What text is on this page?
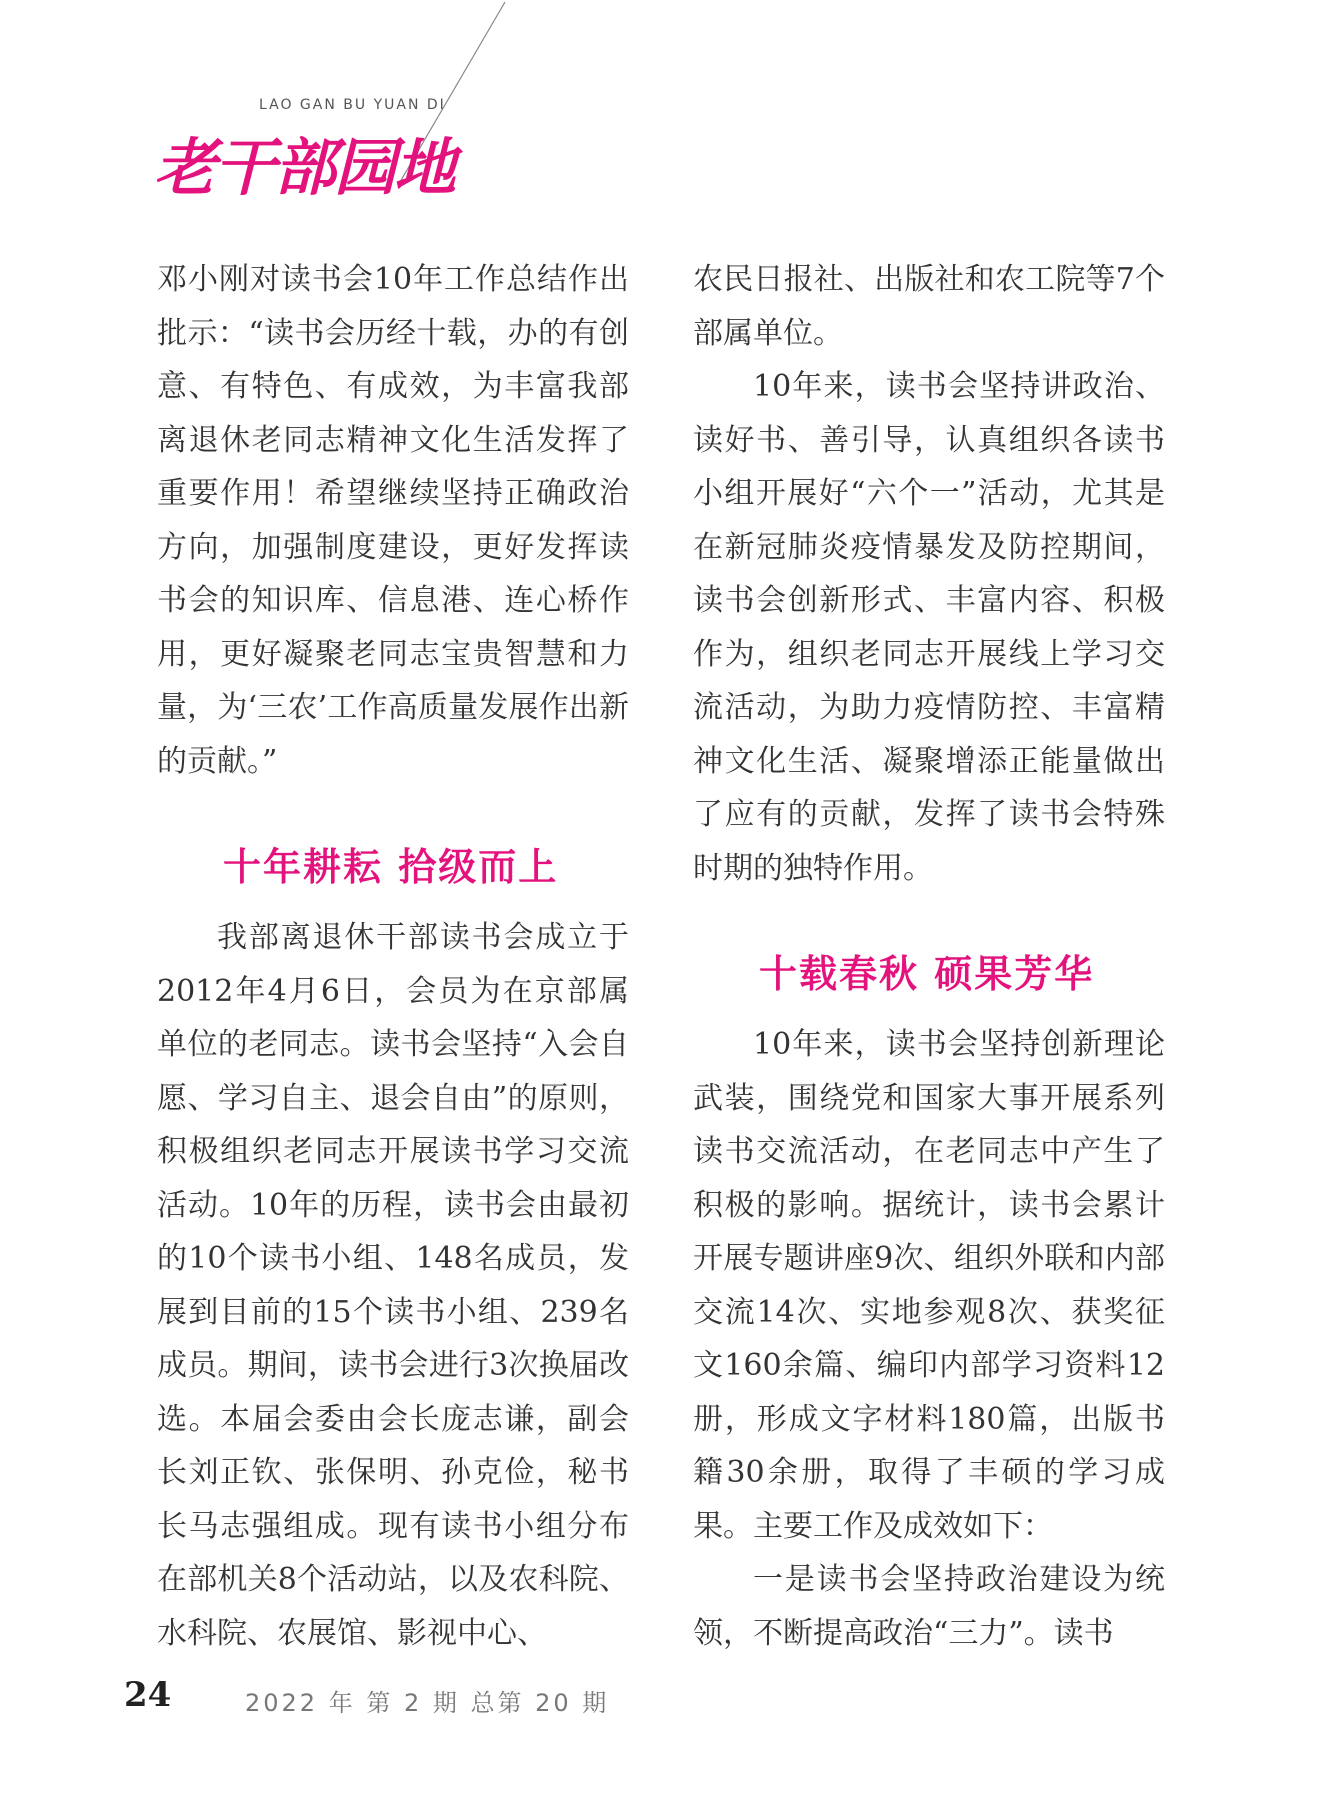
LAO GAN BU YUAN DI
老干部园地

邓小刚对读书会10年工作总结作出批示：“读书会历经十载，办的有创意、有特色、有成效，为丰富我部离退休老同志精神文化生活发挥了重要作用！希望继续坚持正确政治方向，加强制度建设，更好发挥读书会的知识库、信息港、连心桥作用，更好凝聚老同志宝贵智慧和力量，为‘三农’工作高质量发展作出新的贡献。”

十年耕耘 拾级而上

我部离退休干部读书会成立于2012年4月6日，会员为在京部属单位的老同志。读书会坚持“入会自愿、学习自主、退会自由”的原则，积极组织老同志开展读书学习交流活动。10年的历程，读书会由最初的10个读书小组、148名成员，发展到目前的15个读书小组、239名成员。期间，读书会进行3次换届改选。本届会委由会长庞志谦，副会长刘正钦、张保明、孙克俭，秘书长马志强组成。现有读书小组分布在部机关8个活动站，以及农科院、水科院、农展馆、影视中心、

农民日报社、出版社和农工院等7个部属单位。

10年来，读书会坚持讲政治、读好书、善引导，认真组织各读书小组开展好“六个一”活动，尤其是在新冠肺炎疫情暴发及防控期间，读书会创新形式、丰富内容、积极作为，组织老同志开展线上学习交流活动，为助力疫情防控、丰富精神文化生活、凝聚增添正能量做出了应有的贡献，发挥了读书会特殊时期的独特作用。

十载春秋 硕果芳华

10年来，读书会坚持创新理论武装，围绕党和国家大事开展系列读书交流活动，在老同志中产生了积极的影响。据统计，读书会累计开展专题讲座9次、组织外联和内部交流14次、实地参观8次、获奖征文160余篇、编印内部学习资料12册，形成文字材料180篇，出版书籍30余册，取得了丰硕的学习成果。主要工作及成效如下：

一是读书会坚持政治建设为统领，不断提高政治“三力”。读书

24	2022 年 第 2 期 总第 20 期
